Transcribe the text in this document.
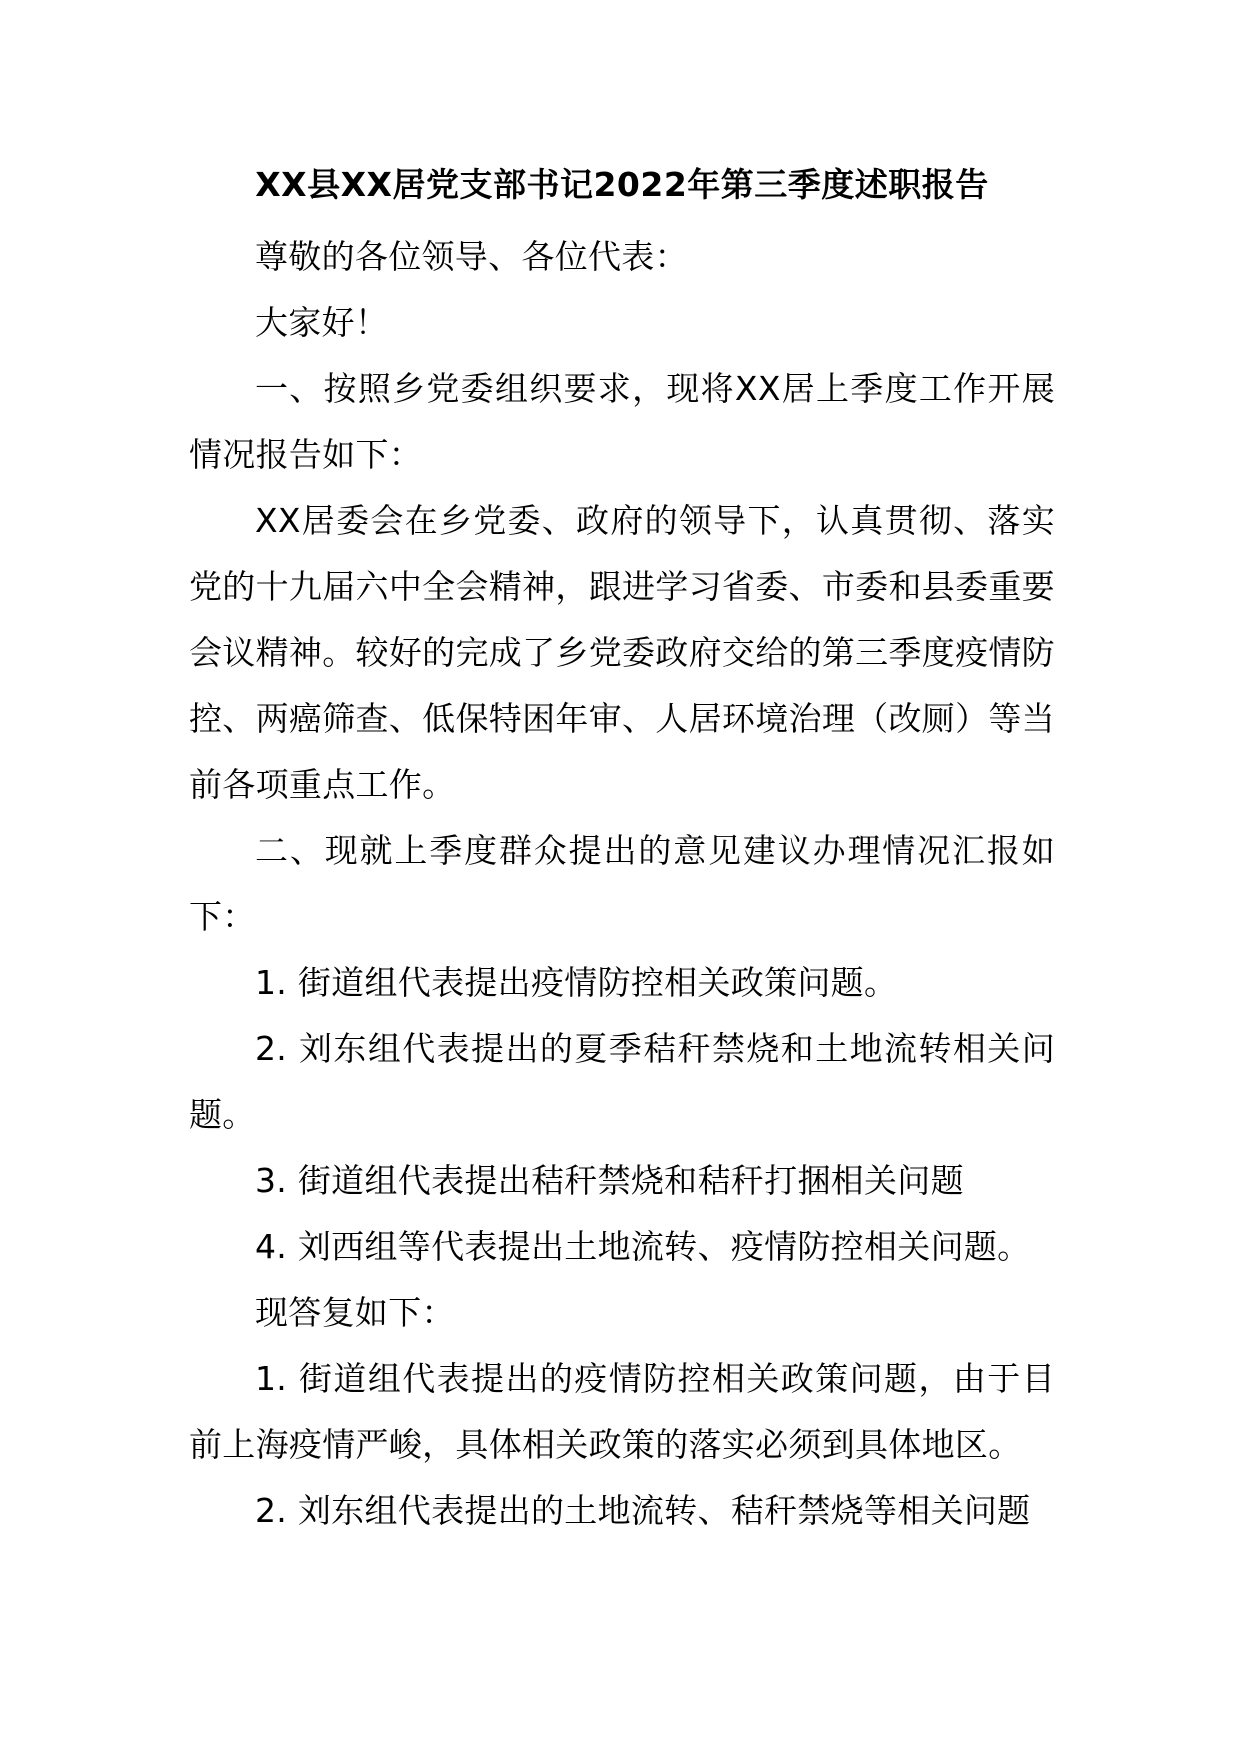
XX县XX居党支部书记2022年第三季度述职报告

尊敬的各位领导、各位代表：

大家好！

一、按照乡党委组织要求，现将XX居上季度工作开展情况报告如下：

XX居委会在乡党委、政府的领导下，认真贯彻、落实党的十九届六中全会精神，跟进学习省委、市委和县委重要会议精神。较好的完成了乡党委政府交给的第三季度疫情防控、两癌筛查、低保特困年审、人居环境治理（改厕）等当前各项重点工作。

二、现就上季度群众提出的意见建议办理情况汇报如下：

1. 街道组代表提出疫情防控相关政策问题。

2. 刘东组代表提出的夏季秸秆禁烧和土地流转相关问题。

3. 街道组代表提出秸秆禁烧和秸秆打捆相关问题

4. 刘西组等代表提出土地流转、疫情防控相关问题。

现答复如下：

1. 街道组代表提出的疫情防控相关政策问题，由于目前上海疫情严峻，具体相关政策的落实必须到具体地区。

2. 刘东组代表提出的土地流转、秸秆禁烧等相关问题
